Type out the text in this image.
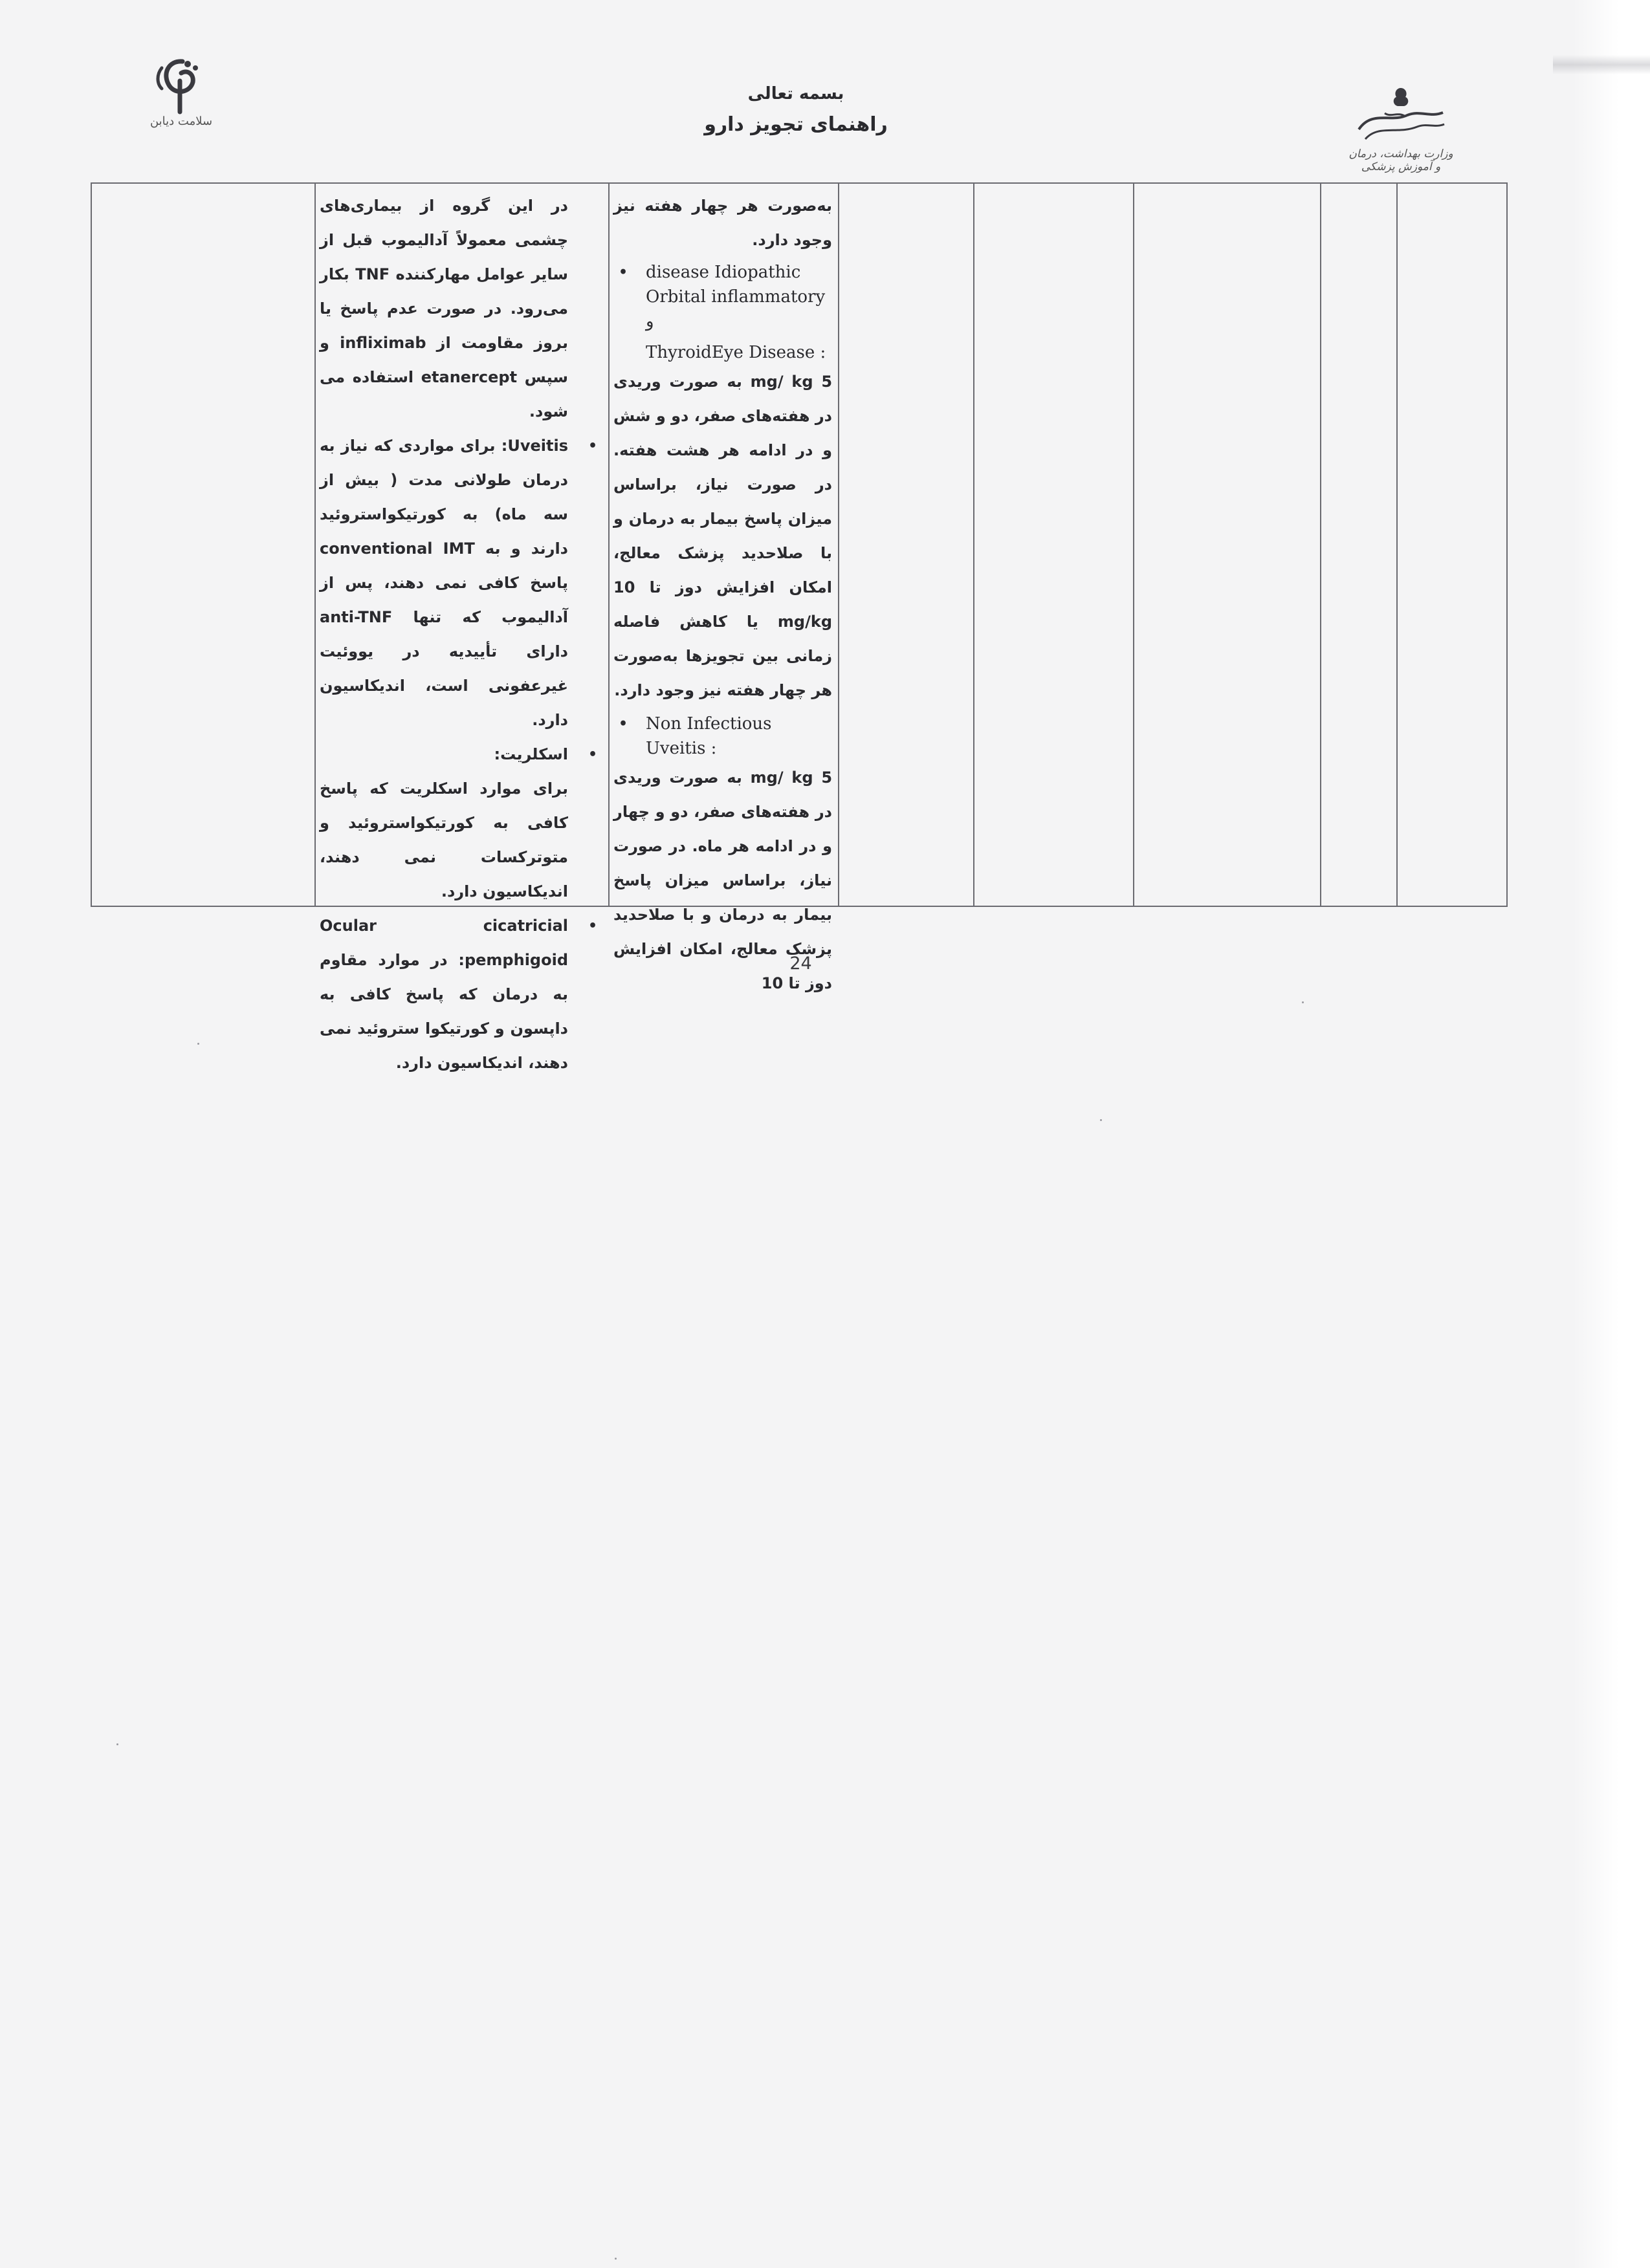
سلامت دیابن
بسمه تعالی
راهنمای تجویز دارو
وزارت بهداشت، درمان و آموزش پزشکی

در این گروه از بیماری‌های چشمی معمولاً آدالیموب قبل از سایر عوامل مهارکننده TNF بکار می‌رود. در صورت عدم پاسخ یا بروز مقاومت از infliximab و سپس etanercept استفاده می شود.

•

Uveitis: برای مواردی که نیاز به درمان طولانی مدت ( بیش از سه ماه) به کورتیکواستروئید دارند و به conventional IMT پاسخ کافی نمی دهند، پس از آدالیموب که تنها anti-TNF دارای تأییدیه در یووئیت غیرعفونی است، اندیکاسیون دارد.

•

اسکلریت:

برای موارد اسکلریت که پاسخ کافی به کورتیکواستروئید و متوترکسات نمی دهند، اندیکاسیون دارد.

•

Ocular cicatricial pemphigoid: در موارد مقاوم به درمان که پاسخ کافی به داپسون و کورتیکوا ستروئید نمی دهند، اندیکاسیون دارد.

به‌صورت هر چهار هفته نیز وجود دارد.

• disease Idiopathic
Orbital inflammatory و
ThyroidEye Disease :

5 mg/ kg به صورت وریدی در هفته‌های صفر، دو و شش و در ادامه هر هشت هفته. در صورت نیاز، براساس میزان پاسخ بیمار به درمان و با صلاحدید پزشک معالج، امکان افزایش دوز تا 10 mg/kg یا کاهش فاصله زمانی بین تجویزها به‌صورت هر چهار هفته نیز وجود دارد.

• Non Infectious
Uveitis :

5 mg/ kg به صورت وریدی در هفته‌های صفر، دو و چهار و در ادامه هر ماه. در صورت نیاز، براساس میزان پاسخ بیمار به درمان و با صلاحدید پزشک معالج، امکان افزایش دوز تا 10

24
